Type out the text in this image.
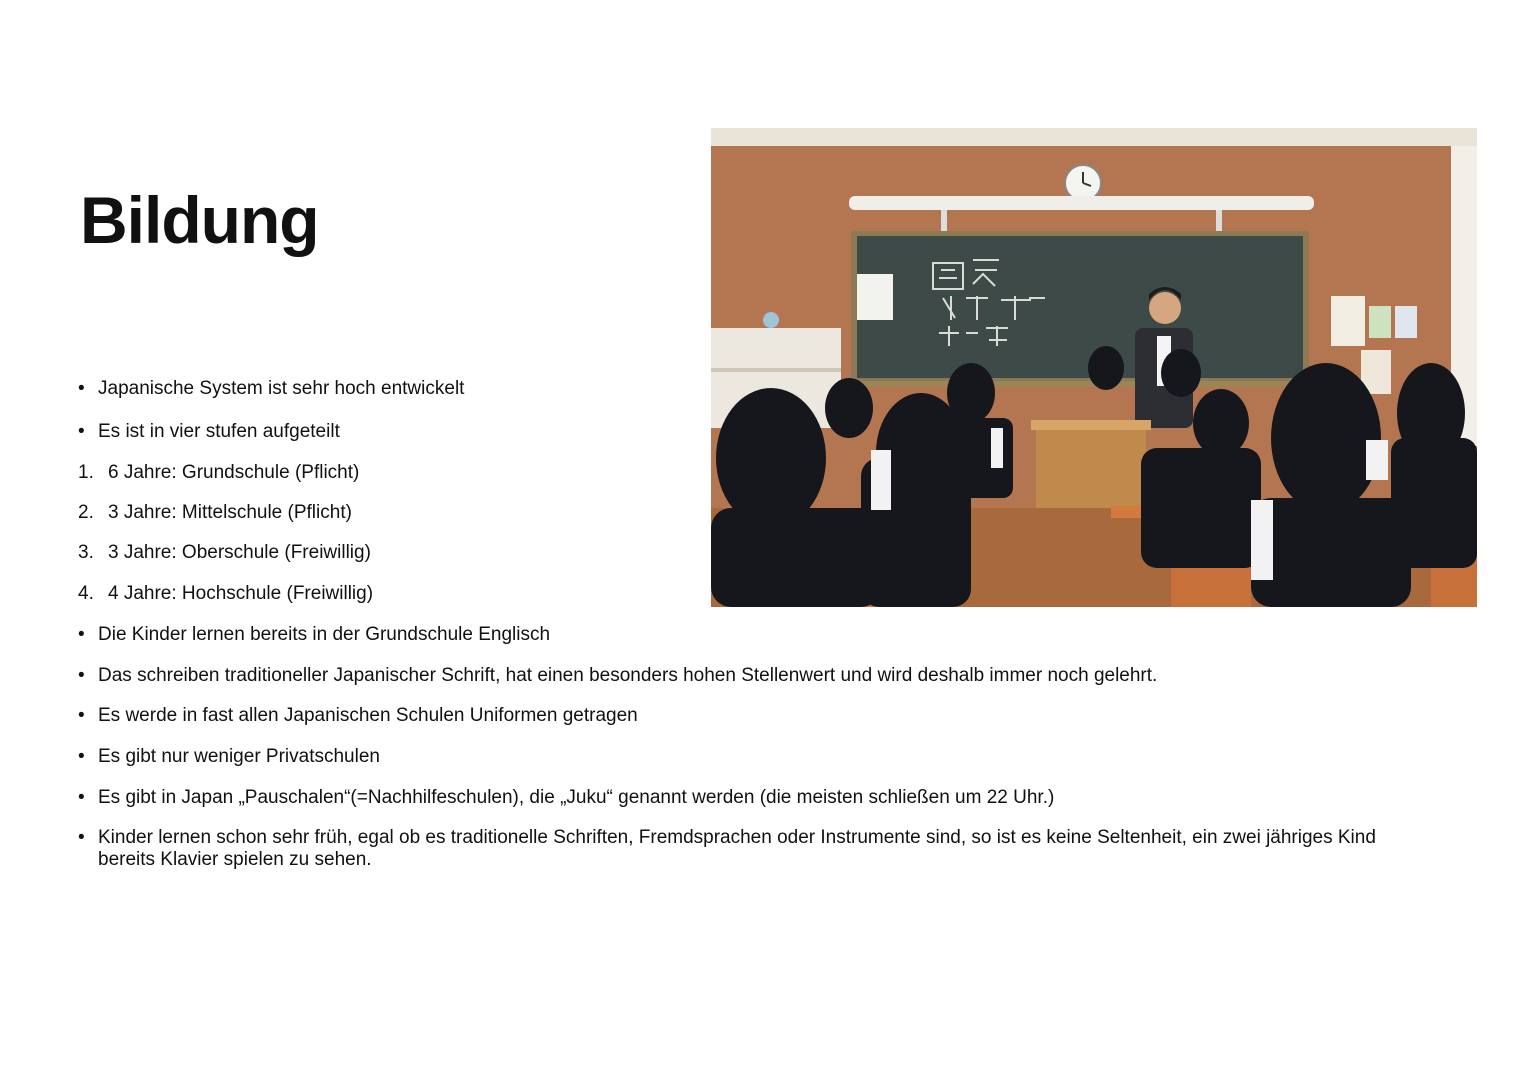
Bildung
• Japanische System ist sehr hoch entwickelt
• Es ist in vier stufen aufgeteilt
1. 6 Jahre: Grundschule (Pflicht)
2. 3 Jahre: Mittelschule (Pflicht)
3. 3 Jahre: Oberschule (Freiwillig)
4. 4 Jahre: Hochschule (Freiwillig)
• Die Kinder lernen bereits in der Grundschule Englisch
• Das schreiben traditioneller Japanischer Schrift, hat einen besonders hohen Stellenwert und wird deshalb immer noch gelehrt.
• Es werde in fast allen Japanischen Schulen Uniformen getragen
• Es gibt nur weniger Privatschulen
• Es gibt in Japan „Pauschalen“(=Nachhilfeschulen), die „Juku“ genannt werden (die meisten schließen um 22 Uhr.)
• Kinder lernen schon sehr früh, egal ob es traditionelle Schriften, Fremdsprachen oder Instrumente sind, so ist es keine Seltenheit, ein zwei jähriges Kind bereits Klavier spielen zu sehen.
